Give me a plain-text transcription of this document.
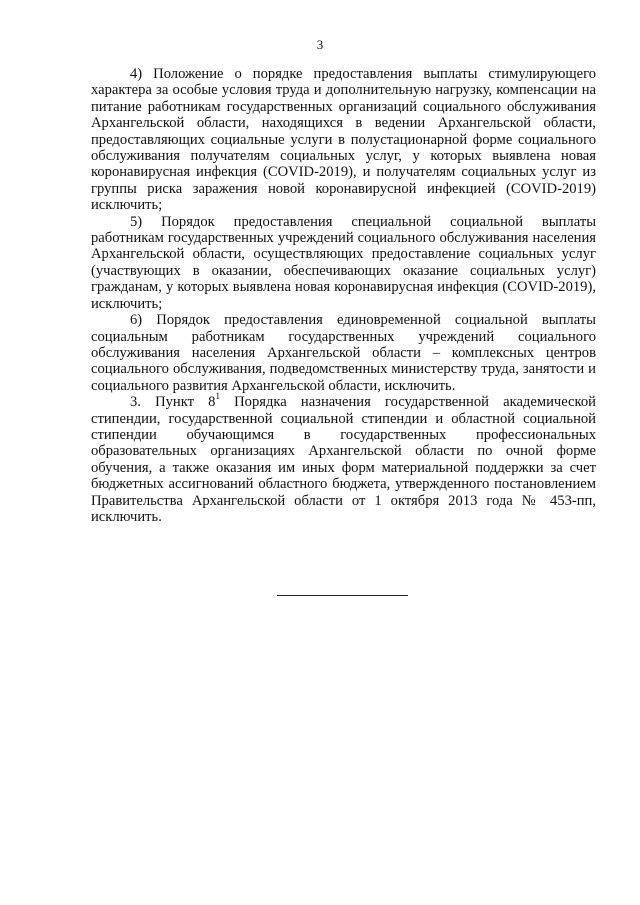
3

4) Положение о порядке предоставления выплаты стимулирующего характера за особые условия труда и дополнительную нагрузку, компенсации на питание работникам государственных организаций социального обслуживания Архангельской области, находящихся в ведении Архангельской области, предоставляющих социальные услуги в полустационарной форме социального обслуживания получателям социальных услуг, у которых выявлена новая коронавирусная инфекция (COVID-2019), и получателям социальных услуг из группы риска заражения новой коронавирусной инфекцией (COVID-2019) исключить;

5) Порядок предоставления специальной социальной выплаты работникам государственных учреждений социального обслуживания населения Архангельской области, осуществляющих предоставление социальных услуг (участвующих в оказании, обеспечивающих оказание социальных услуг) гражданам, у которых выявлена новая коронавирусная инфекция (COVID-2019), исключить;

6) Порядок предоставления единовременной социальной выплаты социальным работникам государственных учреждений социального обслуживания населения Архангельской области – комплексных центров социального обслуживания, подведомственных министерству труда, занятости и социального развития Архангельской области, исключить.

3. Пункт $8^1$ Порядка назначения государственной академической стипендии, государственной социальной стипендии и областной социальной стипендии обучающимся в государственных профессиональных образовательных организациях Архангельской области по очной форме обучения, а также оказания им иных форм материальной поддержки за счет бюджетных ассигнований областного бюджета, утвержденного постановлением Правительства Архангельской области от 1 октября 2013 года № 453-пп, исключить.
